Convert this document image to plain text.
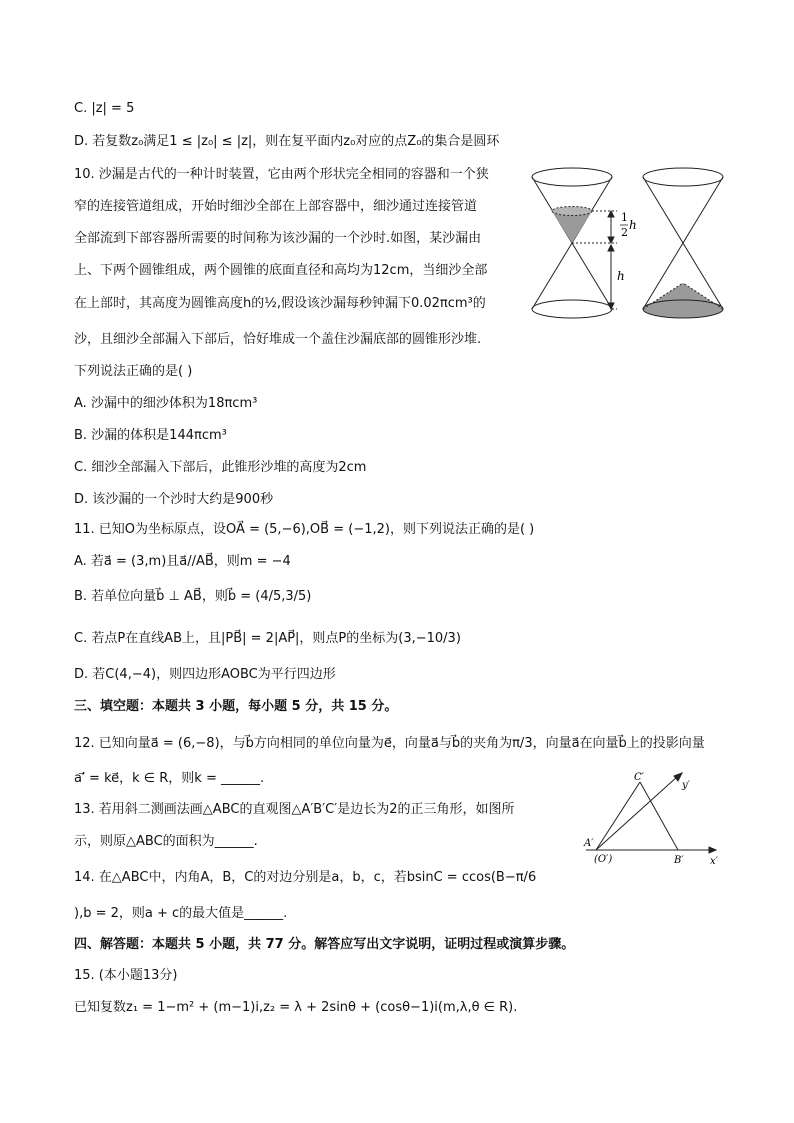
C. |z| = 5
D. 若复数z₀满足1 ≤ |z₀| ≤ |z|，则在复平面内z₀对应的点Z₀的集合是圆环
10. 沙漏是古代的一种计时装置，它由两个形状完全相同的容器和一个狭
窄的连接管道组成，开始时细沙全部在上部容器中，细沙通过连接管道
全部流到下部容器所需要的时间称为该沙漏的一个沙时.如图，某沙漏由
上、下两个圆锥组成，两个圆锥的底面直径和高均为12cm，当细沙全部
在上部时，其高度为圆锥高度h的½,假设该沙漏每秒钟漏下0.02πcm³的
沙，且细沙全部漏入下部后，恰好堆成一个盖住沙漏底部的圆锥形沙堆.
下列说法正确的是( )
A. 沙漏中的细沙体积为18πcm³
B. 沙漏的体积是144πcm³
C. 细沙全部漏入下部后，此锥形沙堆的高度为2cm
D. 该沙漏的一个沙时大约是900秒
11. 已知O为坐标原点，设OA⃗ = (5,−6),OB⃗ = (−1,2)，则下列说法正确的是( )
A. 若a⃗ = (3,m)且a⃗//AB⃗，则m = −4
B. 若单位向量b⃗ ⊥ AB⃗，则b⃗ = (4/5,3/5)
C. 若点P在直线AB上，且|PB⃗| = 2|AP⃗|，则点P的坐标为(3,−10/3)
D. 若C(4,−4)，则四边形AOBC为平行四边形
三、填空题：本题共 3 小题，每小题 5 分，共 15 分。
12. 已知向量a⃗ = (6,−8)，与b⃗方向相同的单位向量为e⃗，向量a⃗与b⃗的夹角为π/3，向量a⃗在向量b⃗上的投影向量
a′⃗ = ke⃗，k ∈ R，则k = ______.
13. 若用斜二测画法画△ABC的直观图△A′B′C′是边长为2的正三角形，如图所
示，则原△ABC的面积为______.
14. 在△ABC中，内角A，B，C的对边分别是a，b，c，若bsinC = ccos(B−π/6
),b = 2，则a + c的最大值是______.
四、解答题：本题共 5 小题，共 77 分。解答应写出文字说明，证明过程或演算步骤。
15. (本小题13分)
已知复数z₁ = 1−m² + (m−1)i,z₂ = λ + 2sinθ + (cosθ−1)i(m,λ,θ ∈ R).
1
2
h
h
C′
y′
A′
(O′)	B′	x′
